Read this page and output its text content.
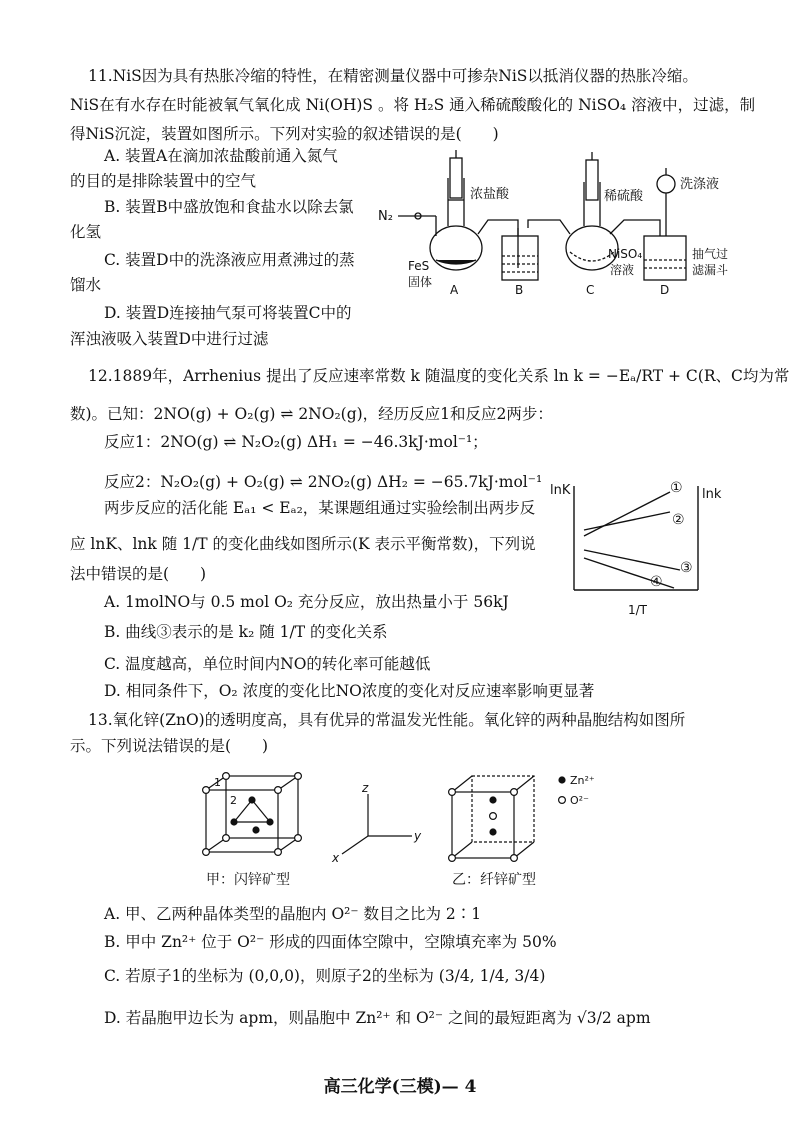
11.NiS因为具有热胀冷缩的特性，在精密测量仪器中可掺杂NiS以抵消仪器的热胀冷缩。
NiS在有水存在时能被氧气氧化成 Ni(OH)S 。将 H₂S 通入稀硫酸酸化的 NiSO₄ 溶液中，过滤，制
得NiS沉淀，装置如图所示。下列对实验的叙述错误的是(　　)
A. 装置A在滴加浓盐酸前通入氮气
的目的是排除装置中的空气
B. 装置B中盛放饱和食盐水以除去氯
化氢
C. 装置D中的洗涤液应用煮沸过的蒸
馏水
D. 装置D连接抽气泵可将装置C中的
浑浊液吸入装置D中进行过滤
N₂
浓盐酸	稀硫酸
洗涤液
FeS
固体
NiSO₄
溶液
抽气过
滤漏斗
A	B	C	D
12.1889年，Arrhenius 提出了反应速率常数 k 随温度的变化关系 ln k = −Eₐ/RT + C(R、C均为常
数)。已知：2NO(g) + O₂(g) ⇌ 2NO₂(g)，经历反应1和反应2两步：
反应1：2NO(g) ⇌ N₂O₂(g) ΔH₁ = −46.3kJ·mol⁻¹；
反应2：N₂O₂(g) + O₂(g) ⇌ 2NO₂(g) ΔH₂ = −65.7kJ·mol⁻¹
两步反应的活化能 Eₐ₁ < Eₐ₂，某课题组通过实验绘制出两步反
应 lnK、lnk 随 1/T 的变化曲线如图所示(K 表示平衡常数)，下列说
法中错误的是(　　)
A. 1molNO与 0.5 mol O₂ 充分反应，放出热量小于 56kJ
B. 曲线③表示的是 k₂ 随 1/T 的变化关系
C. 温度越高，单位时间内NO的转化率可能越低
D. 相同条件下，O₂ 浓度的变化比NO浓度的变化对反应速率影响更显著
lnK	lnk
1/T
①
②
③
④
13.氧化锌(ZnO)的透明度高，具有优异的常温发光性能。氧化锌的两种晶胞结构如图所
示。下列说法错误的是(　　)
1
2
z
y
x
Zn²⁺
O²⁻
甲：闪锌矿型	乙：纤锌矿型
A. 甲、乙两种晶体类型的晶胞内 O²⁻ 数目之比为 2∶1
B. 甲中 Zn²⁺ 位于 O²⁻ 形成的四面体空隙中，空隙填充率为 50%
C. 若原子1的坐标为 (0,0,0)，则原子2的坐标为 (3/4, 1/4, 3/4)
D. 若晶胞甲边长为 apm，则晶胞中 Zn²⁺ 和 O²⁻ 之间的最短距离为 √3/2 apm
高三化学(三模)— 4
